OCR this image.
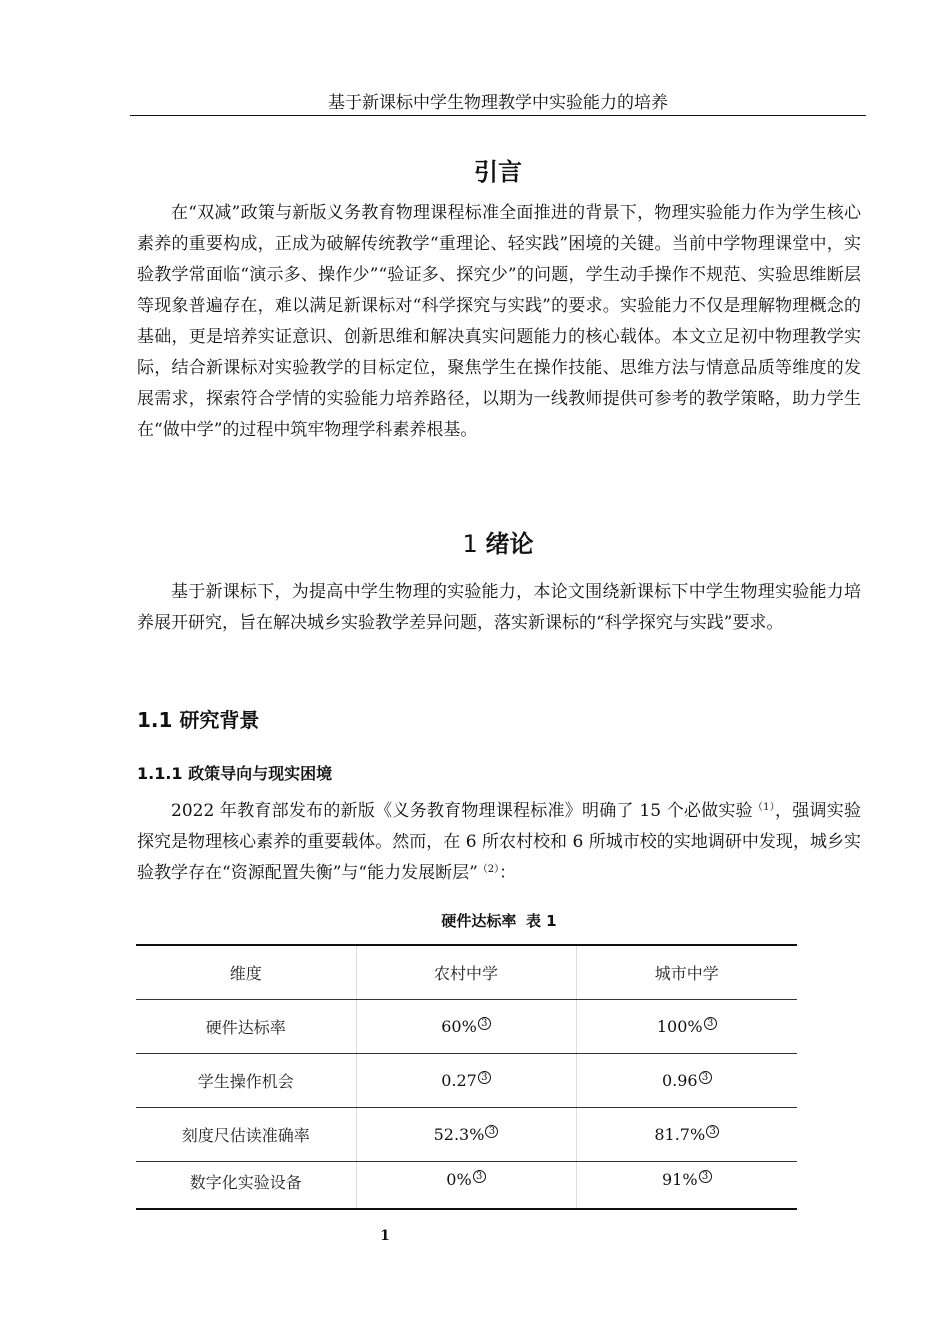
基于新课标中学生物理教学中实验能力的培养
引言

在“双减”政策与新版义务教育物理课程标准全面推进的背景下，物理实验能力作为学生核心素养的重要构成，正成为破解传统教学“重理论、轻实践”困境的关键。当前中学物理课堂中，实验教学常面临“演示多、操作少”“验证多、探究少”的问题，学生动手操作不规范、实验思维断层等现象普遍存在，难以满足新课标对“科学探究与实践”的要求。实验能力不仅是理解物理概念的基础，更是培养实证意识、创新思维和解决真实问题能力的核心载体。本文立足初中物理教学实际，结合新课标对实验教学的目标定位，聚焦学生在操作技能、思维方法与情意品质等维度的发展需求，探索符合学情的实验能力培养路径，以期为一线教师提供可参考的教学策略，助力学生在“做中学”的过程中筑牢物理学科素养根基。

1 绪论

基于新课标下，为提高中学生物理的实验能力，本论文围绕新课标下中学生物理实验能力培养展开研究，旨在解决城乡实验教学差异问题，落实新课标的“科学探究与实践”要求。

1.1 研究背景
1.1.1 政策导向与现实困境

2022 年教育部发布的新版《义务教育物理课程标准》明确了 15 个必做实验$^{(1)}$，强调实验探究是物理核心素养的重要载体。然而，在 6 所农村校和 6 所城市校的实地调研中发现，城乡实验教学存在“资源配置失衡”与“能力发展断层”$^{(2)}$：

硬件达标率 表 1
维度	农村中学	城市中学
硬件达标率	60% 3	100% 3
学生操作机会	0.27 3	0.96 3
刻度尺估读准确率	52.3% 3	81.7% 3
数字化实验设备	0% 3	91% 3
1
